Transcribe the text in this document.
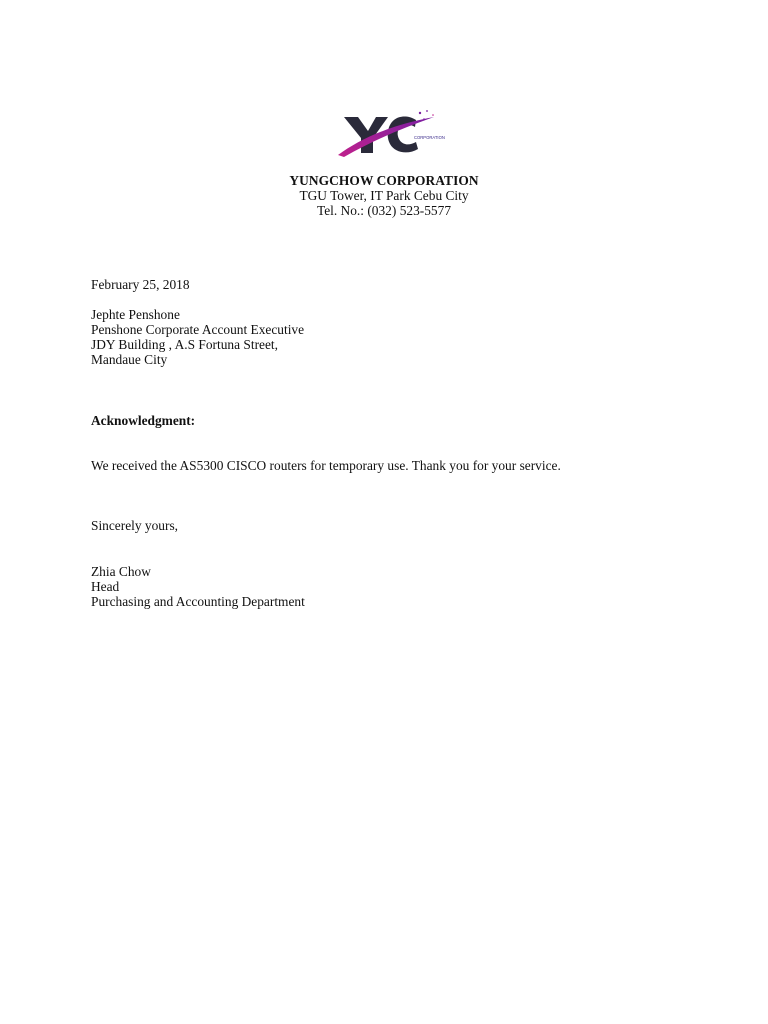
CORPORATION
YUNGCHOW CORPORATION
TGU Tower, IT Park Cebu City
Tel. No.: (032) 523-5577
February 25, 2018
Jephte Penshone
Penshone Corporate Account Executive
JDY Building , A.S Fortuna Street,
Mandaue City
Acknowledgment:
We received the AS5300 CISCO routers for temporary use. Thank you for your service.
Sincerely yours,
Zhia Chow
Head
Purchasing and Accounting Department
